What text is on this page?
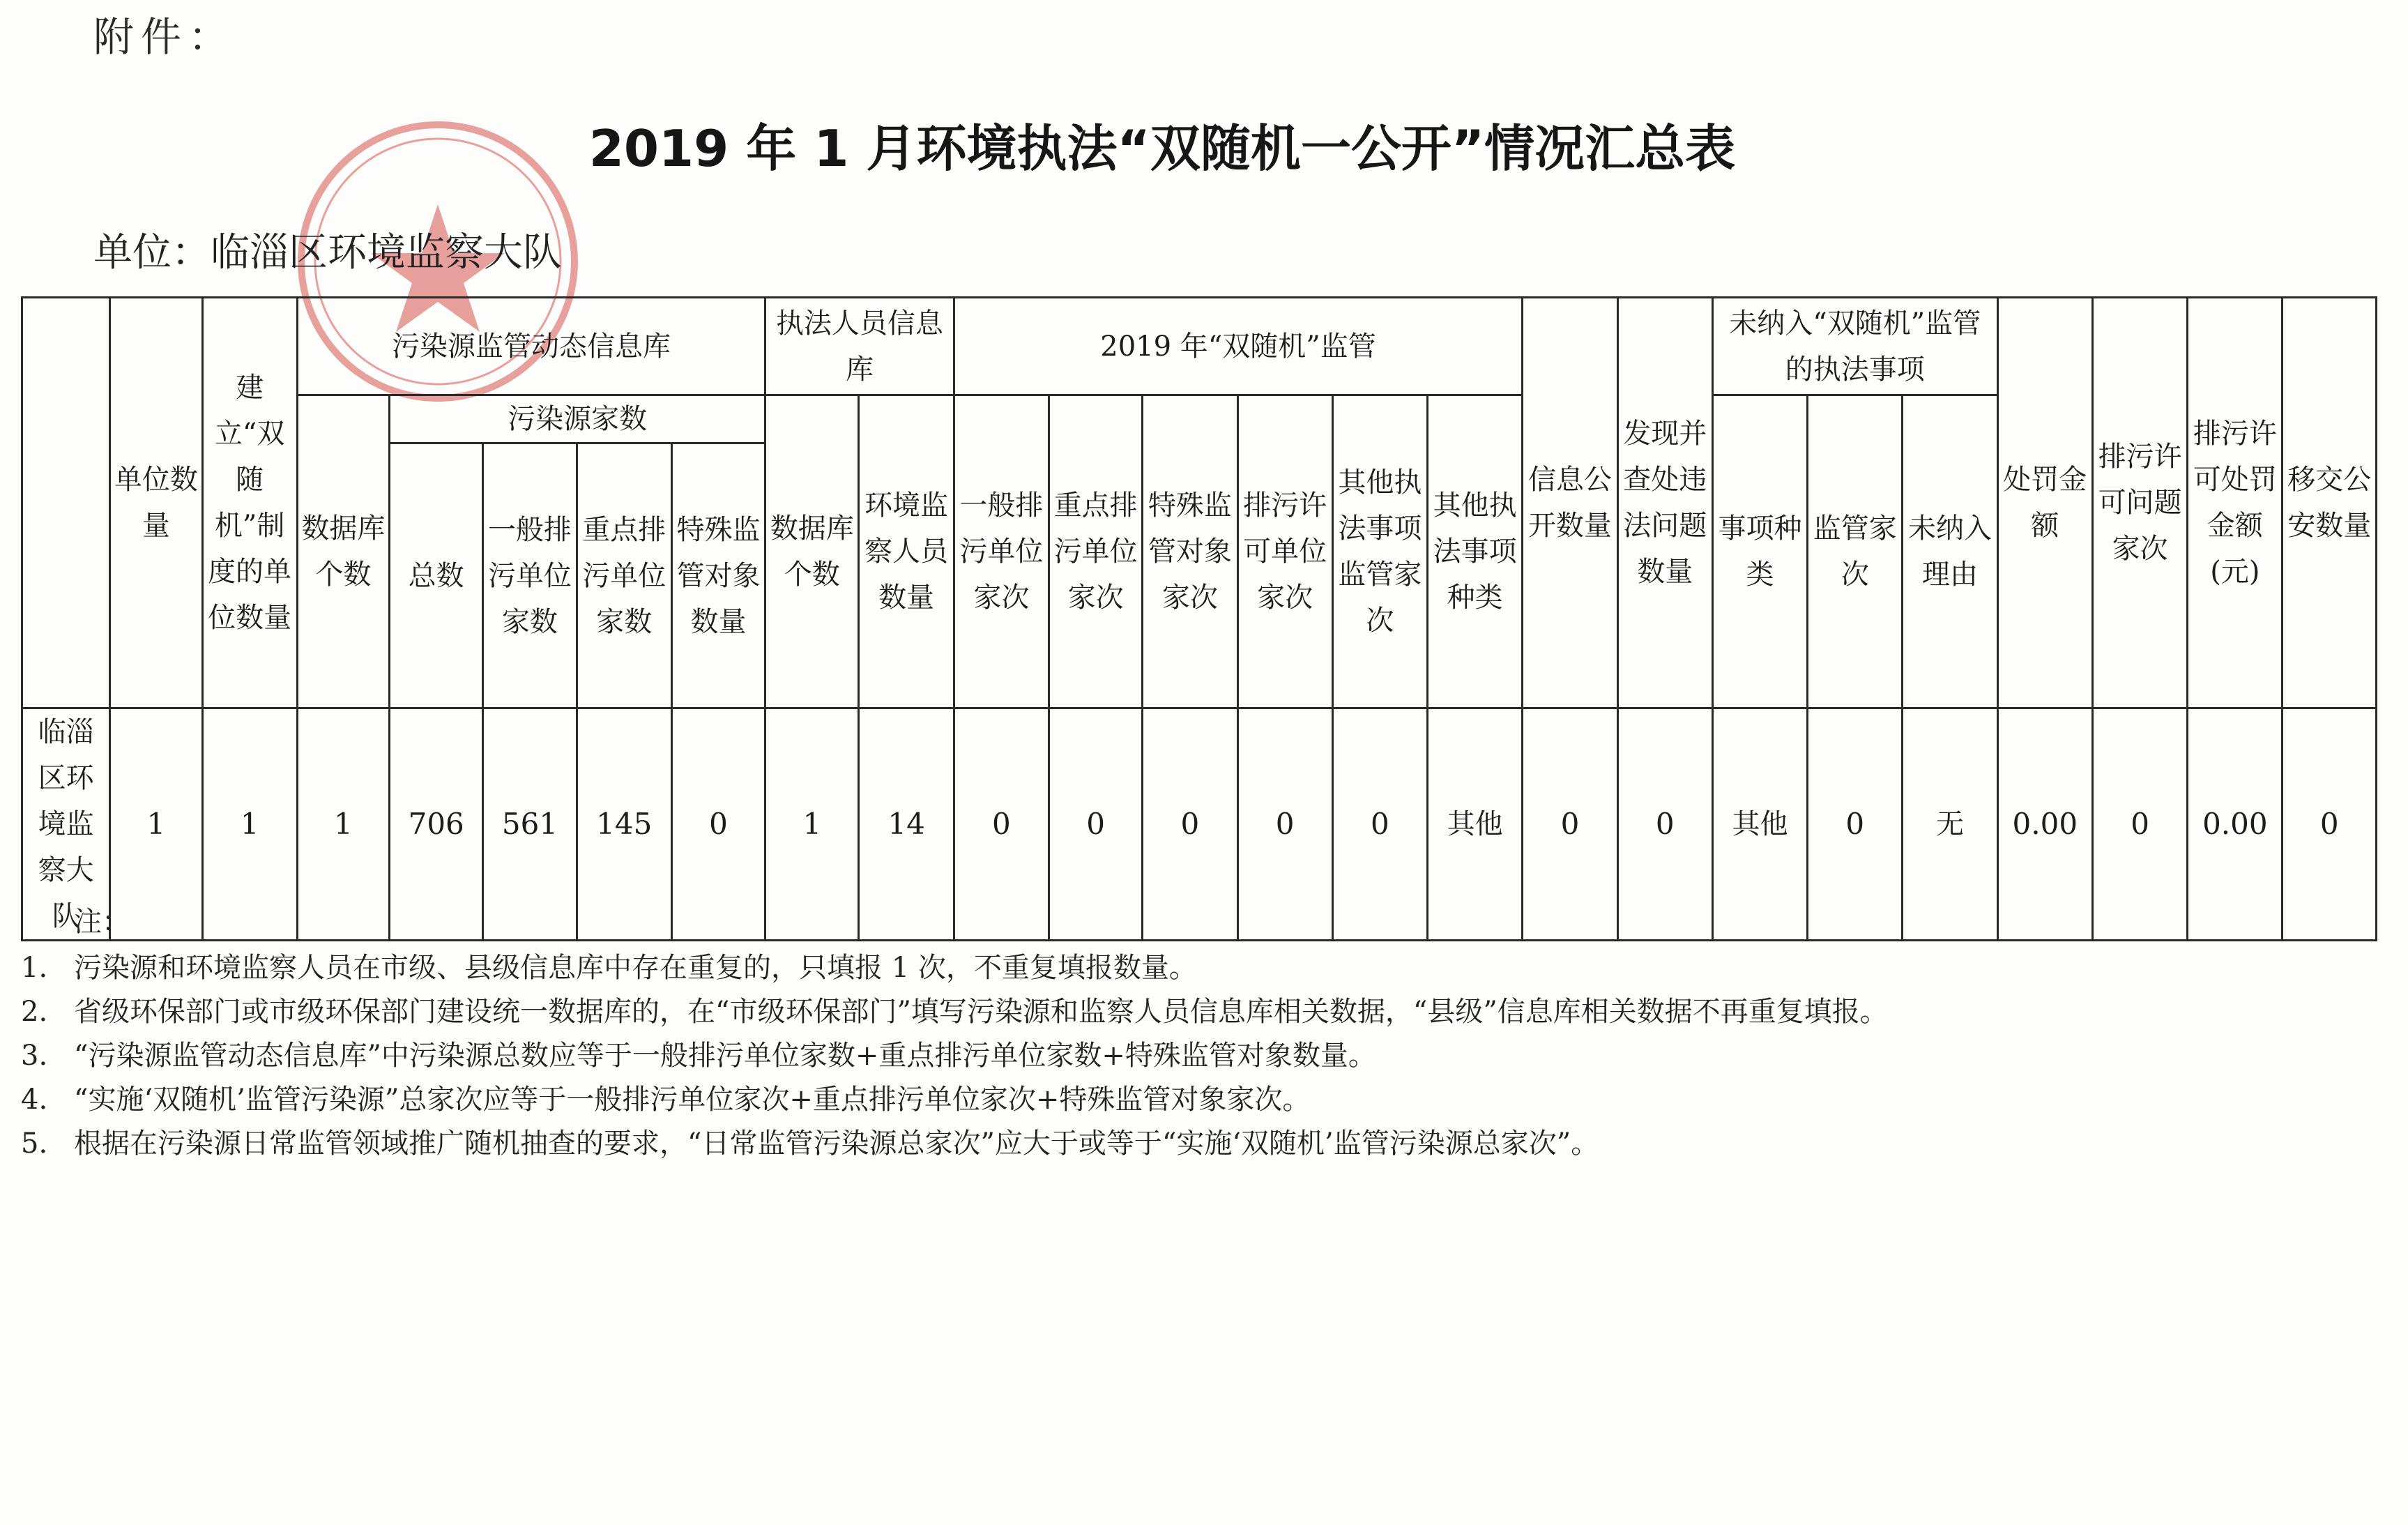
附件：

2019 年 1 月环境执法“双随机一公开”情况汇总表

单位：临淄区环境监察大队

	单位数量	建立“双随机”制度的单位数量	污染源监管动态信息库					执法人员信息库		2019 年“双随机”监管						信息公开数量	发现并查处违法问题数量	未纳入“双随机”监管的执法事项			处罚金额	排污许可问题家次	排污许可处罚金额(元)	移交公安数量
			数据库个数	污染源家数				数据库个数	环境监察人员数量	一般排污单位家次	重点排污单位家次	特殊监管对象家次	排污许可单位家次	其他执法事项监管家次	其他执法事项种类			事项种类	监管家次	未纳入理由				
				总数	一般排污单位家数	重点排污单位家数	特殊监管对象数量																	
临淄区环境监察大队	1	1	1	706	561	145	0	1	14	0	0	0	0	0	其他	0	0	其他	0	无	0.00	0	0.00	0

注：

1. 污染源和环境监察人员在市级、县级信息库中存在重复的，只填报 1 次，不重复填报数量。
2. 省级环保部门或市级环保部门建设统一数据库的，在“市级环保部门”填写污染源和监察人员信息库相关数据，“县级”信息库相关数据不再重复填报。
3. “污染源监管动态信息库”中污染源总数应等于一般排污单位家数+重点排污单位家数+特殊监管对象数量。
4. “实施‘双随机’监管污染源”总家次应等于一般排污单位家次+重点排污单位家次+特殊监管对象家次。
5. 根据在污染源日常监管领域推广随机抽查的要求，“日常监管污染源总家次”应大于或等于“实施‘双随机’监管污染源总家次”。
